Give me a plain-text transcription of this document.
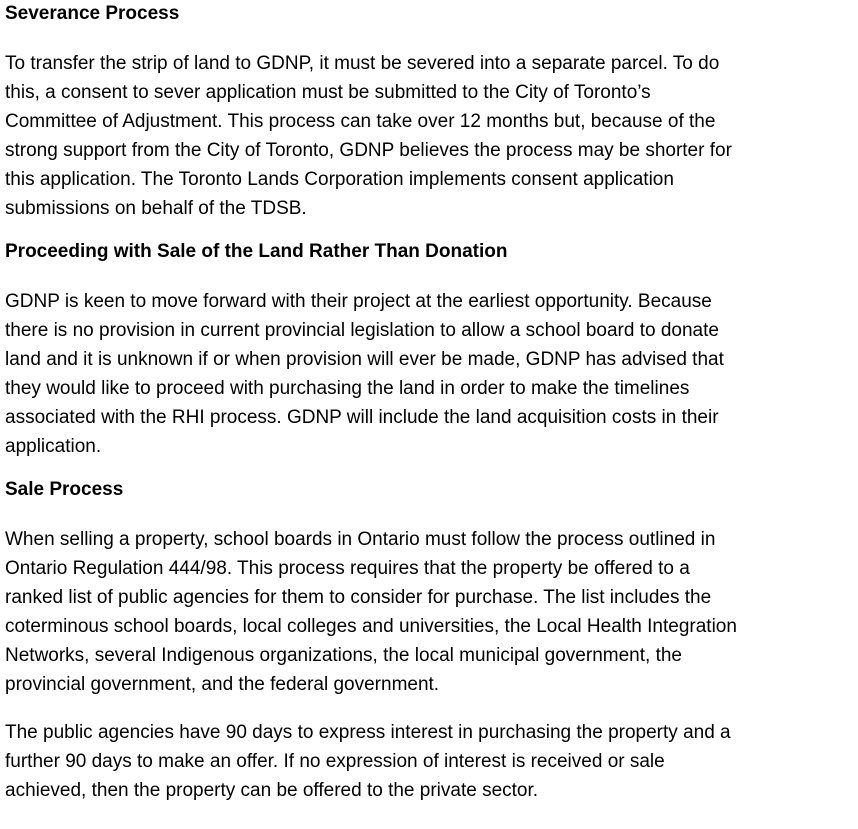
Severance Process

To transfer the strip of land to GDNP, it must be severed into a separate parcel. To do
this, a consent to sever application must be submitted to the City of Toronto’s
Committee of Adjustment. This process can take over 12 months but, because of the
strong support from the City of Toronto, GDNP believes the process may be shorter for
this application. The Toronto Lands Corporation implements consent application
submissions on behalf of the TDSB.

Proceeding with Sale of the Land Rather Than Donation

GDNP is keen to move forward with their project at the earliest opportunity. Because
there is no provision in current provincial legislation to allow a school board to donate
land and it is unknown if or when provision will ever be made, GDNP has advised that
they would like to proceed with purchasing the land in order to make the timelines
associated with the RHI process. GDNP will include the land acquisition costs in their
application.

Sale Process

When selling a property, school boards in Ontario must follow the process outlined in
Ontario Regulation 444/98. This process requires that the property be offered to a
ranked list of public agencies for them to consider for purchase. The list includes the
coterminous school boards, local colleges and universities, the Local Health Integration
Networks, several Indigenous organizations, the local municipal government, the
provincial government, and the federal government.

The public agencies have 90 days to express interest in purchasing the property and a
further 90 days to make an offer. If no expression of interest is received or sale
achieved, then the property can be offered to the private sector.
